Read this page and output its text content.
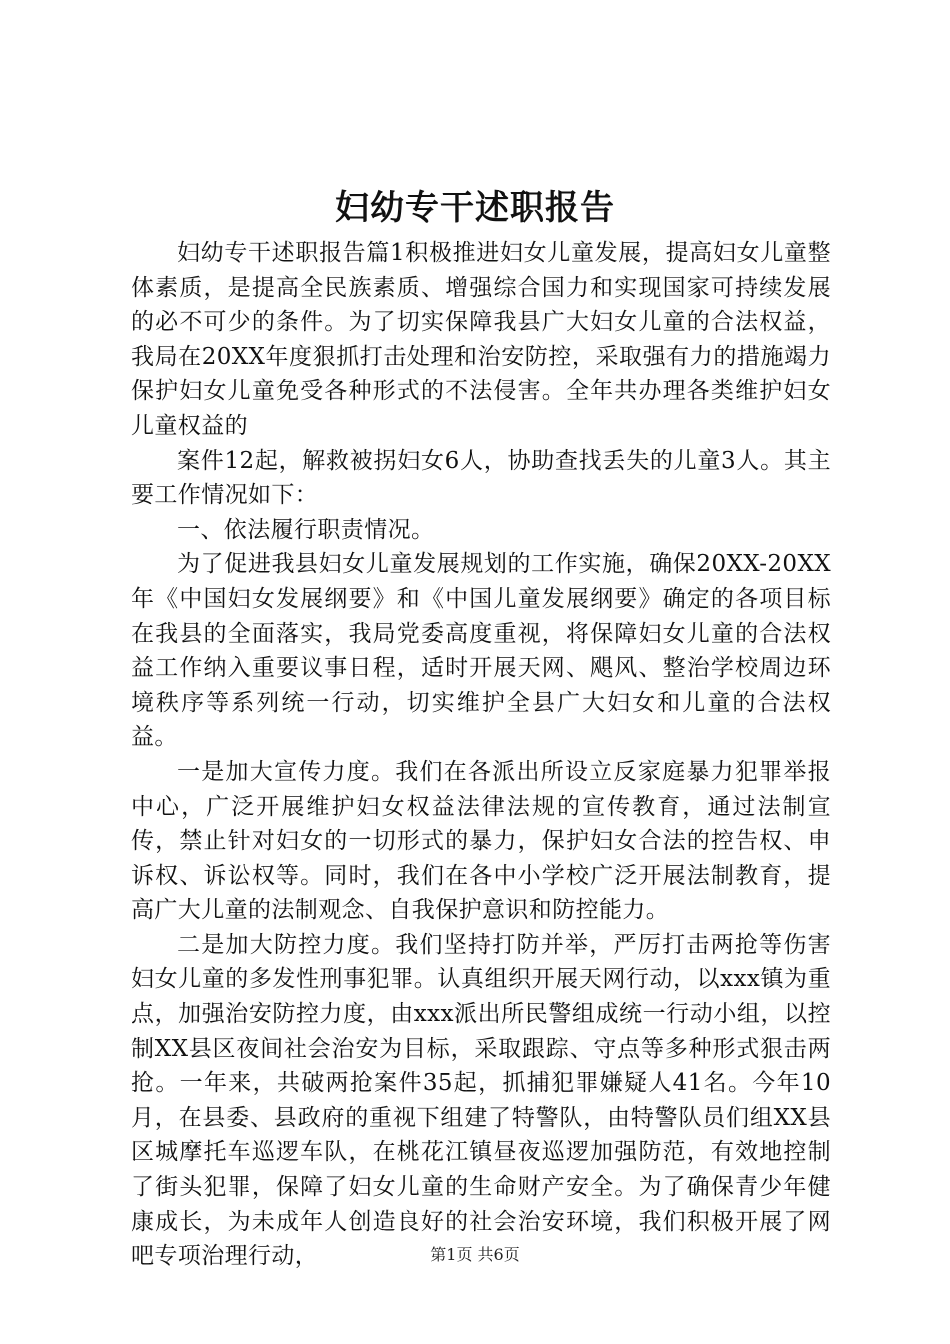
妇幼专干述职报告

妇幼专干述职报告篇1积极推进妇女儿童发展，提高妇女儿童整体素质，是提高全民族素质、增强综合国力和实现国家可持续发展的必不可少的条件。为了切实保障我县广大妇女儿童的合法权益，我局在20XX年度狠抓打击处理和治安防控，采取强有力的措施竭力保护妇女儿童免受各种形式的不法侵害。全年共办理各类维护妇女儿童权益的

案件12起，解救被拐妇女6人，协助查找丢失的儿童3人。其主要工作情况如下：

一、依法履行职责情况。

为了促进我县妇女儿童发展规划的工作实施，确保20XX-20XX年《中国妇女发展纲要》和《中国儿童发展纲要》确定的各项目标在我县的全面落实，我局党委高度重视，将保障妇女儿童的合法权益工作纳入重要议事日程，适时开展天网、飓风、整治学校周边环境秩序等系列统一行动，切实维护全县广大妇女和儿童的合法权益。

一是加大宣传力度。我们在各派出所设立反家庭暴力犯罪举报中心，广泛开展维护妇女权益法律法规的宣传教育，通过法制宣传，禁止针对妇女的一切形式的暴力，保护妇女合法的控告权、申诉权、诉讼权等。同时，我们在各中小学校广泛开展法制教育，提高广大儿童的法制观念、自我保护意识和防控能力。

二是加大防控力度。我们坚持打防并举，严厉打击两抢等伤害妇女儿童的多发性刑事犯罪。认真组织开展天网行动，以xxx镇为重点，加强治安防控力度，由xxx派出所民警组成统一行动小组，以控制XX县区夜间社会治安为目标，采取跟踪、守点等多种形式狠击两抢。一年来，共破两抢案件35起，抓捕犯罪嫌疑人41名。今年10月，在县委、县政府的重视下组建了特警队，由特警队员们组XX县区城摩托车巡逻车队，在桃花江镇昼夜巡逻加强防范，有效地控制了街头犯罪，保障了妇女儿童的生命财产安全。为了确保青少年健康成长，为未成年人创造良好的社会治安环境，我们积极开展了网吧专项治理行动，	第1页 共6页
